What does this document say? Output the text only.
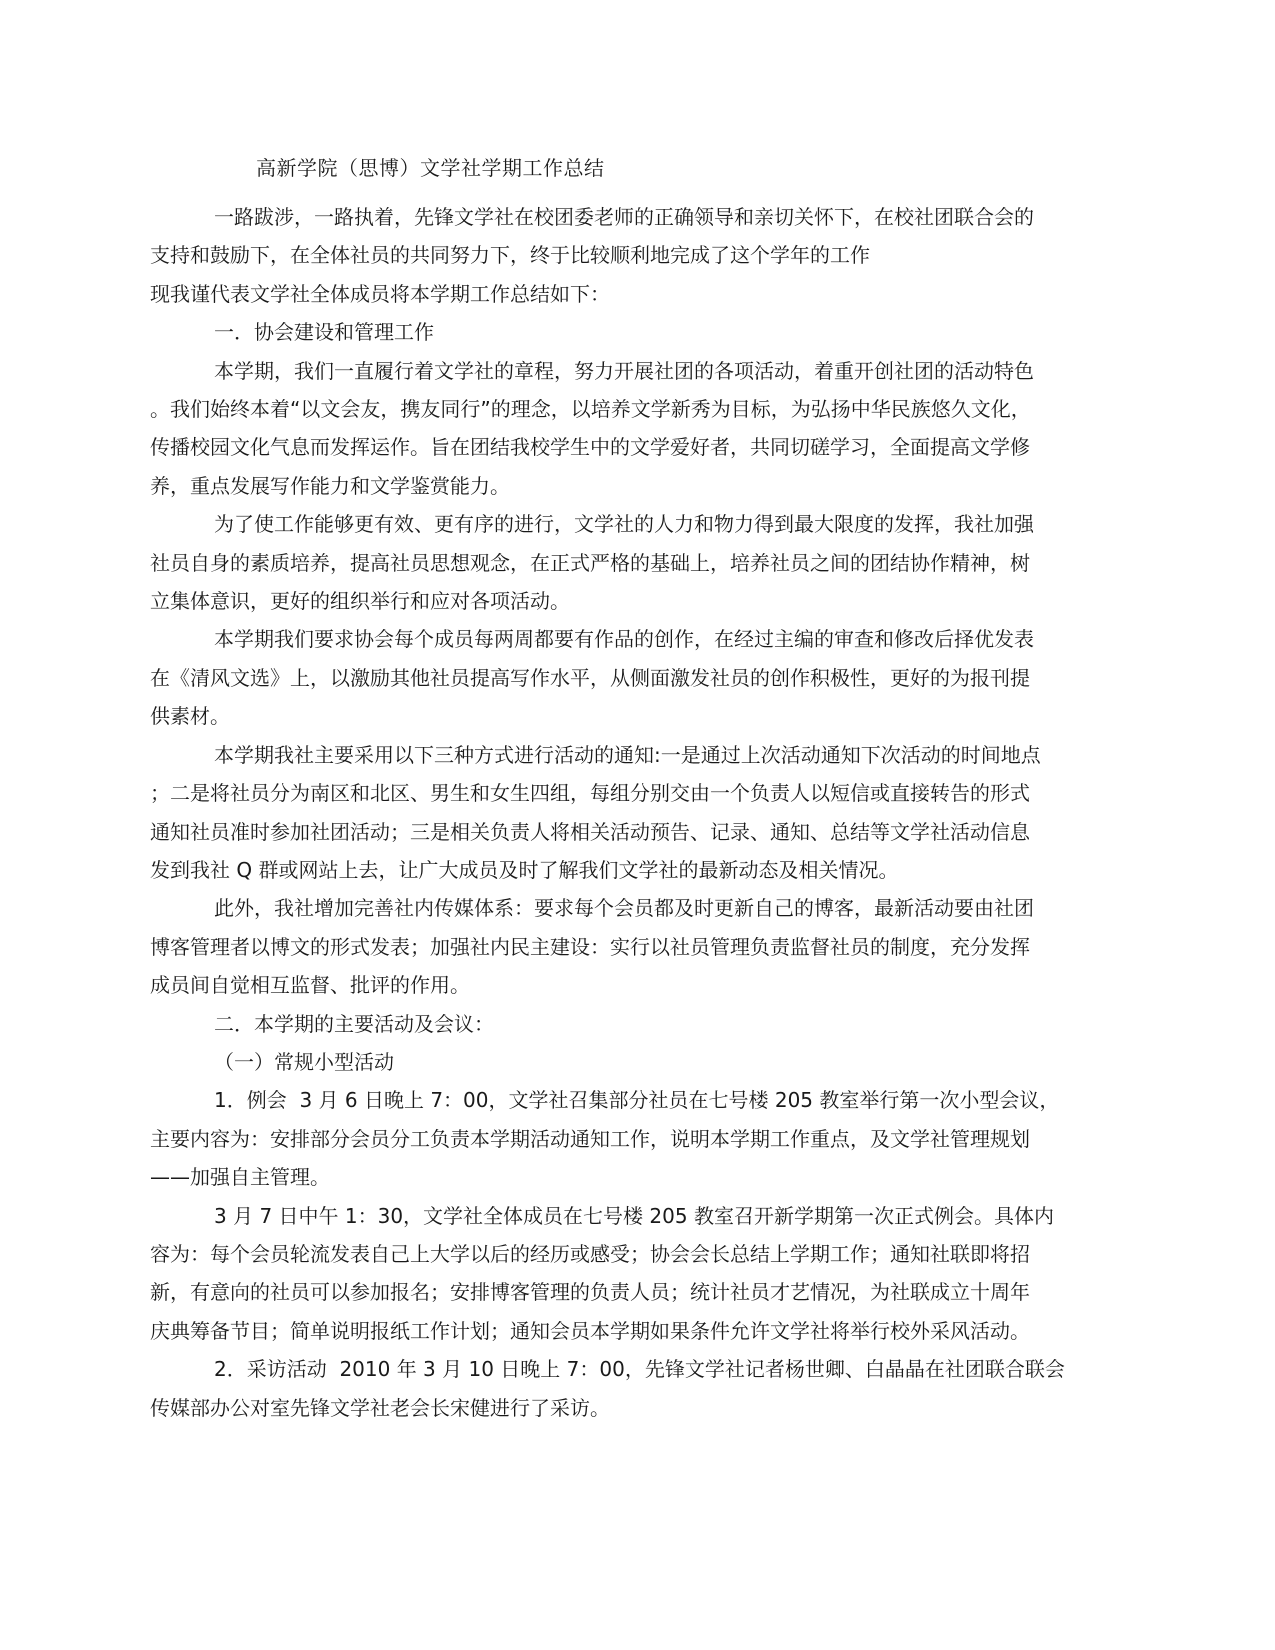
高新学院（思博）文学社学期工作总结
一路跋涉，一路执着，先锋文学社在校团委老师的正确领导和亲切关怀下，在校社团联合会的
支持和鼓励下，在全体社员的共同努力下，终于比较顺利地完成了这个学年的工作
现我谨代表文学社全体成员将本学期工作总结如下：
一．协会建设和管理工作
本学期，我们一直履行着文学社的章程，努力开展社团的各项活动，着重开创社团的活动特色
。我们始终本着“以文会友，携友同行”的理念，以培养文学新秀为目标，为弘扬中华民族悠久文化，
传播校园文化气息而发挥运作。旨在团结我校学生中的文学爱好者，共同切磋学习，全面提高文学修
养，重点发展写作能力和文学鉴赏能力。
为了使工作能够更有效、更有序的进行，文学社的人力和物力得到最大限度的发挥，我社加强
社员自身的素质培养，提高社员思想观念，在正式严格的基础上，培养社员之间的团结协作精神，树
立集体意识，更好的组织举行和应对各项活动。
本学期我们要求协会每个成员每两周都要有作品的创作，在经过主编的审查和修改后择优发表
在《清风文选》上，以激励其他社员提高写作水平，从侧面激发社员的创作积极性，更好的为报刊提
供素材。
本学期我社主要采用以下三种方式进行活动的通知:一是通过上次活动通知下次活动的时间地点
；二是将社员分为南区和北区、男生和女生四组，每组分别交由一个负责人以短信或直接转告的形式
通知社员准时参加社团活动；三是相关负责人将相关活动预告、记录、通知、总结等文学社活动信息
发到我社 Q 群或网站上去，让广大成员及时了解我们文学社的最新动态及相关情况。
此外，我社增加完善社内传媒体系：要求每个会员都及时更新自己的博客，最新活动要由社团
博客管理者以博文的形式发表；加强社内民主建设：实行以社员管理负责监督社员的制度，充分发挥
成员间自觉相互监督、批评的作用。
二．本学期的主要活动及会议：
（一）常规小型活动
1．例会  3 月 6 日晚上 7：00，文学社召集部分社员在七号楼 205 教室举行第一次小型会议，
主要内容为：安排部分会员分工负责本学期活动通知工作，说明本学期工作重点，及文学社管理规划
——加强自主管理。
3 月 7 日中午 1：30，文学社全体成员在七号楼 205 教室召开新学期第一次正式例会。具体内
容为：每个会员轮流发表自己上大学以后的经历或感受；协会会长总结上学期工作；通知社联即将招
新，有意向的社员可以参加报名；安排博客管理的负责人员；统计社员才艺情况，为社联成立十周年
庆典筹备节目；简单说明报纸工作计划；通知会员本学期如果条件允许文学社将举行校外采风活动。
2．采访活动  2010 年 3 月 10 日晚上 7：00，先锋文学社记者杨世卿、白晶晶在社团联合联会
传媒部办公对室先锋文学社老会长宋健进行了采访。
